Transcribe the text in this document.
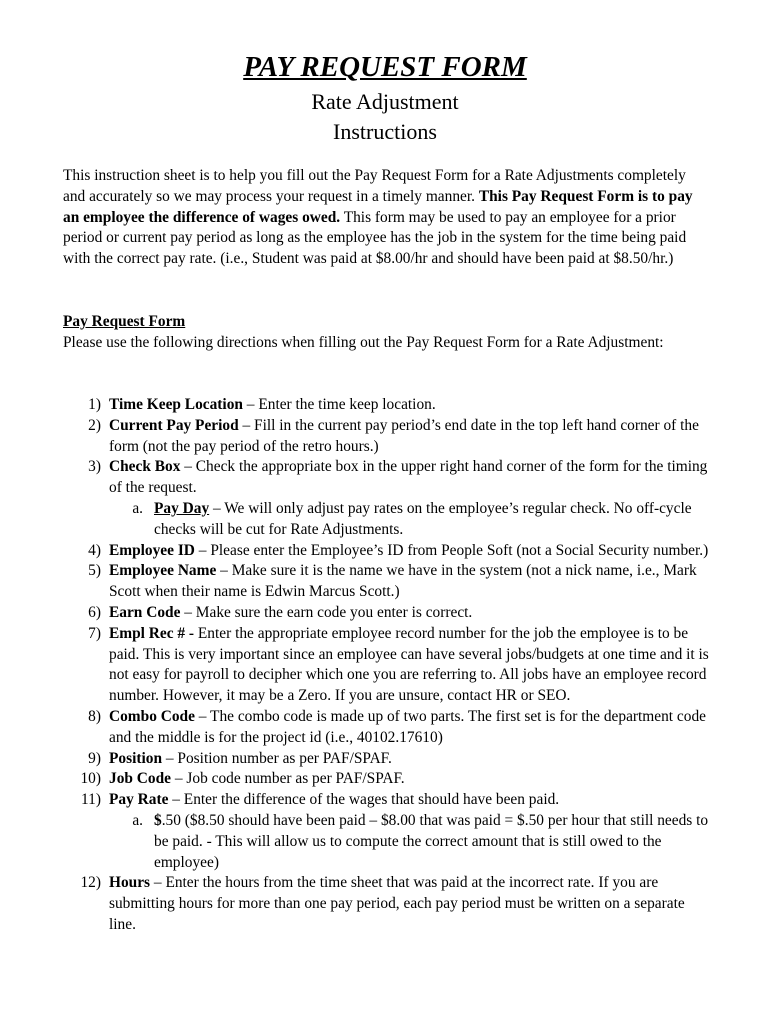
PAY REQUEST FORM
Rate Adjustment
Instructions
This instruction sheet is to help you fill out the Pay Request Form for a Rate Adjustments completely and accurately so we may process your request in a timely manner. This Pay Request Form is to pay an employee the difference of wages owed. This form may be used to pay an employee for a prior period or current pay period as long as the employee has the job in the system for the time being paid with the correct pay rate. (i.e., Student was paid at $8.00/hr and should have been paid at $8.50/hr.)
Pay Request Form
Please use the following directions when filling out the Pay Request Form for a Rate Adjustment:
1) Time Keep Location – Enter the time keep location.
2) Current Pay Period – Fill in the current pay period’s end date in the top left hand corner of the form (not the pay period of the retro hours.)
3) Check Box – Check the appropriate box in the upper right hand corner of the form for the timing of the request.
a. Pay Day – We will only adjust pay rates on the employee’s regular check. No off-cycle checks will be cut for Rate Adjustments.
4) Employee ID – Please enter the Employee’s ID from People Soft (not a Social Security number.)
5) Employee Name – Make sure it is the name we have in the system (not a nick name, i.e., Mark Scott when their name is Edwin Marcus Scott.)
6) Earn Code – Make sure the earn code you enter is correct.
7) Empl Rec # - Enter the appropriate employee record number for the job the employee is to be paid. This is very important since an employee can have several jobs/budgets at one time and it is not easy for payroll to decipher which one you are referring to. All jobs have an employee record number. However, it may be a Zero. If you are unsure, contact HR or SEO.
8) Combo Code – The combo code is made up of two parts. The first set is for the department code and the middle is for the project id (i.e., 40102.17610)
9) Position – Position number as per PAF/SPAF.
10) Job Code – Job code number as per PAF/SPAF.
11) Pay Rate – Enter the difference of the wages that should have been paid.
a. $.50 ($8.50 should have been paid – $8.00 that was paid = $.50 per hour that still needs to be paid. - This will allow us to compute the correct amount that is still owed to the employee)
12) Hours – Enter the hours from the time sheet that was paid at the incorrect rate. If you are submitting hours for more than one pay period, each pay period must be written on a separate line.
